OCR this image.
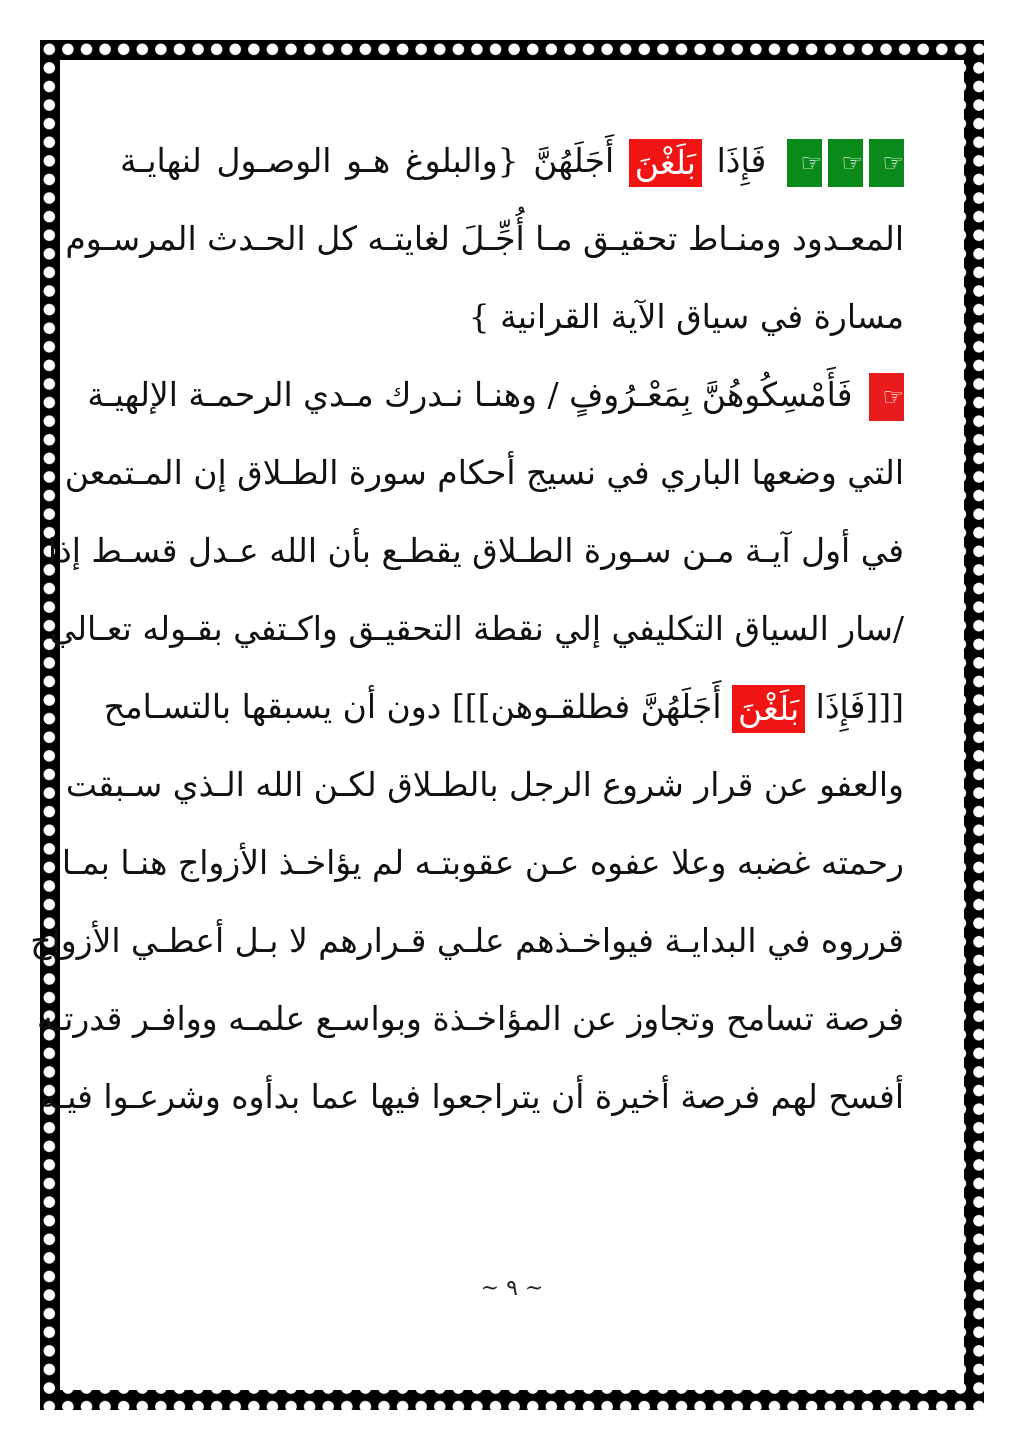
☞☞☞ فَإِذَا بَلَغْنَ أَجَلَهُنَّ {والبلوغ هـو الوصـول لنهايـة
المعـدود ومنـاط تحقيـق مـا أُجِّـلَ لغايتـه كل الحـدث المرسـوم
مسارة في سياق الآية القرانية }
☞ فَأَمْسِكُوهُنَّ بِمَعْـرُوفٍ / وهنـا نـدرك مـدي الرحمـة الإلهيـة
التي وضعها الباري في نسيج أحكام سورة الطـلاق إن المـتمعن
في أول آيـة مـن سـورة الطـلاق يقطـع بأن الله عـدل قسـط إذا
/سار السياق التكليفي إلي نقطة التحقيـق واكـتفي بقـوله تعـالي
[[[فَإِذَا بَلَغْنَ أَجَلَهُنَّ فطلقـوهن]]] دون أن يسبقها بالتسـامح
والعفو عن قرار شروع الرجل بالطـلاق لكـن الله الـذي سـبقت
رحمته غضبه وعلا عفوه عـن عقوبتـه لم يؤاخـذ الأزواج هنـا بمـا
قرروه في البدايـة فيواخـذهم علـي قـرارهم لا بـل أعطـي الأزواج
فرصة تسامح وتجاوز عن المؤاخـذة وبواسـع علمـه ووافـر قدرتـه
أفسح لهم فرصة أخيرة أن يتراجعوا فيها عما بدأوه وشرعـوا فيـه
~ ٩ ~
